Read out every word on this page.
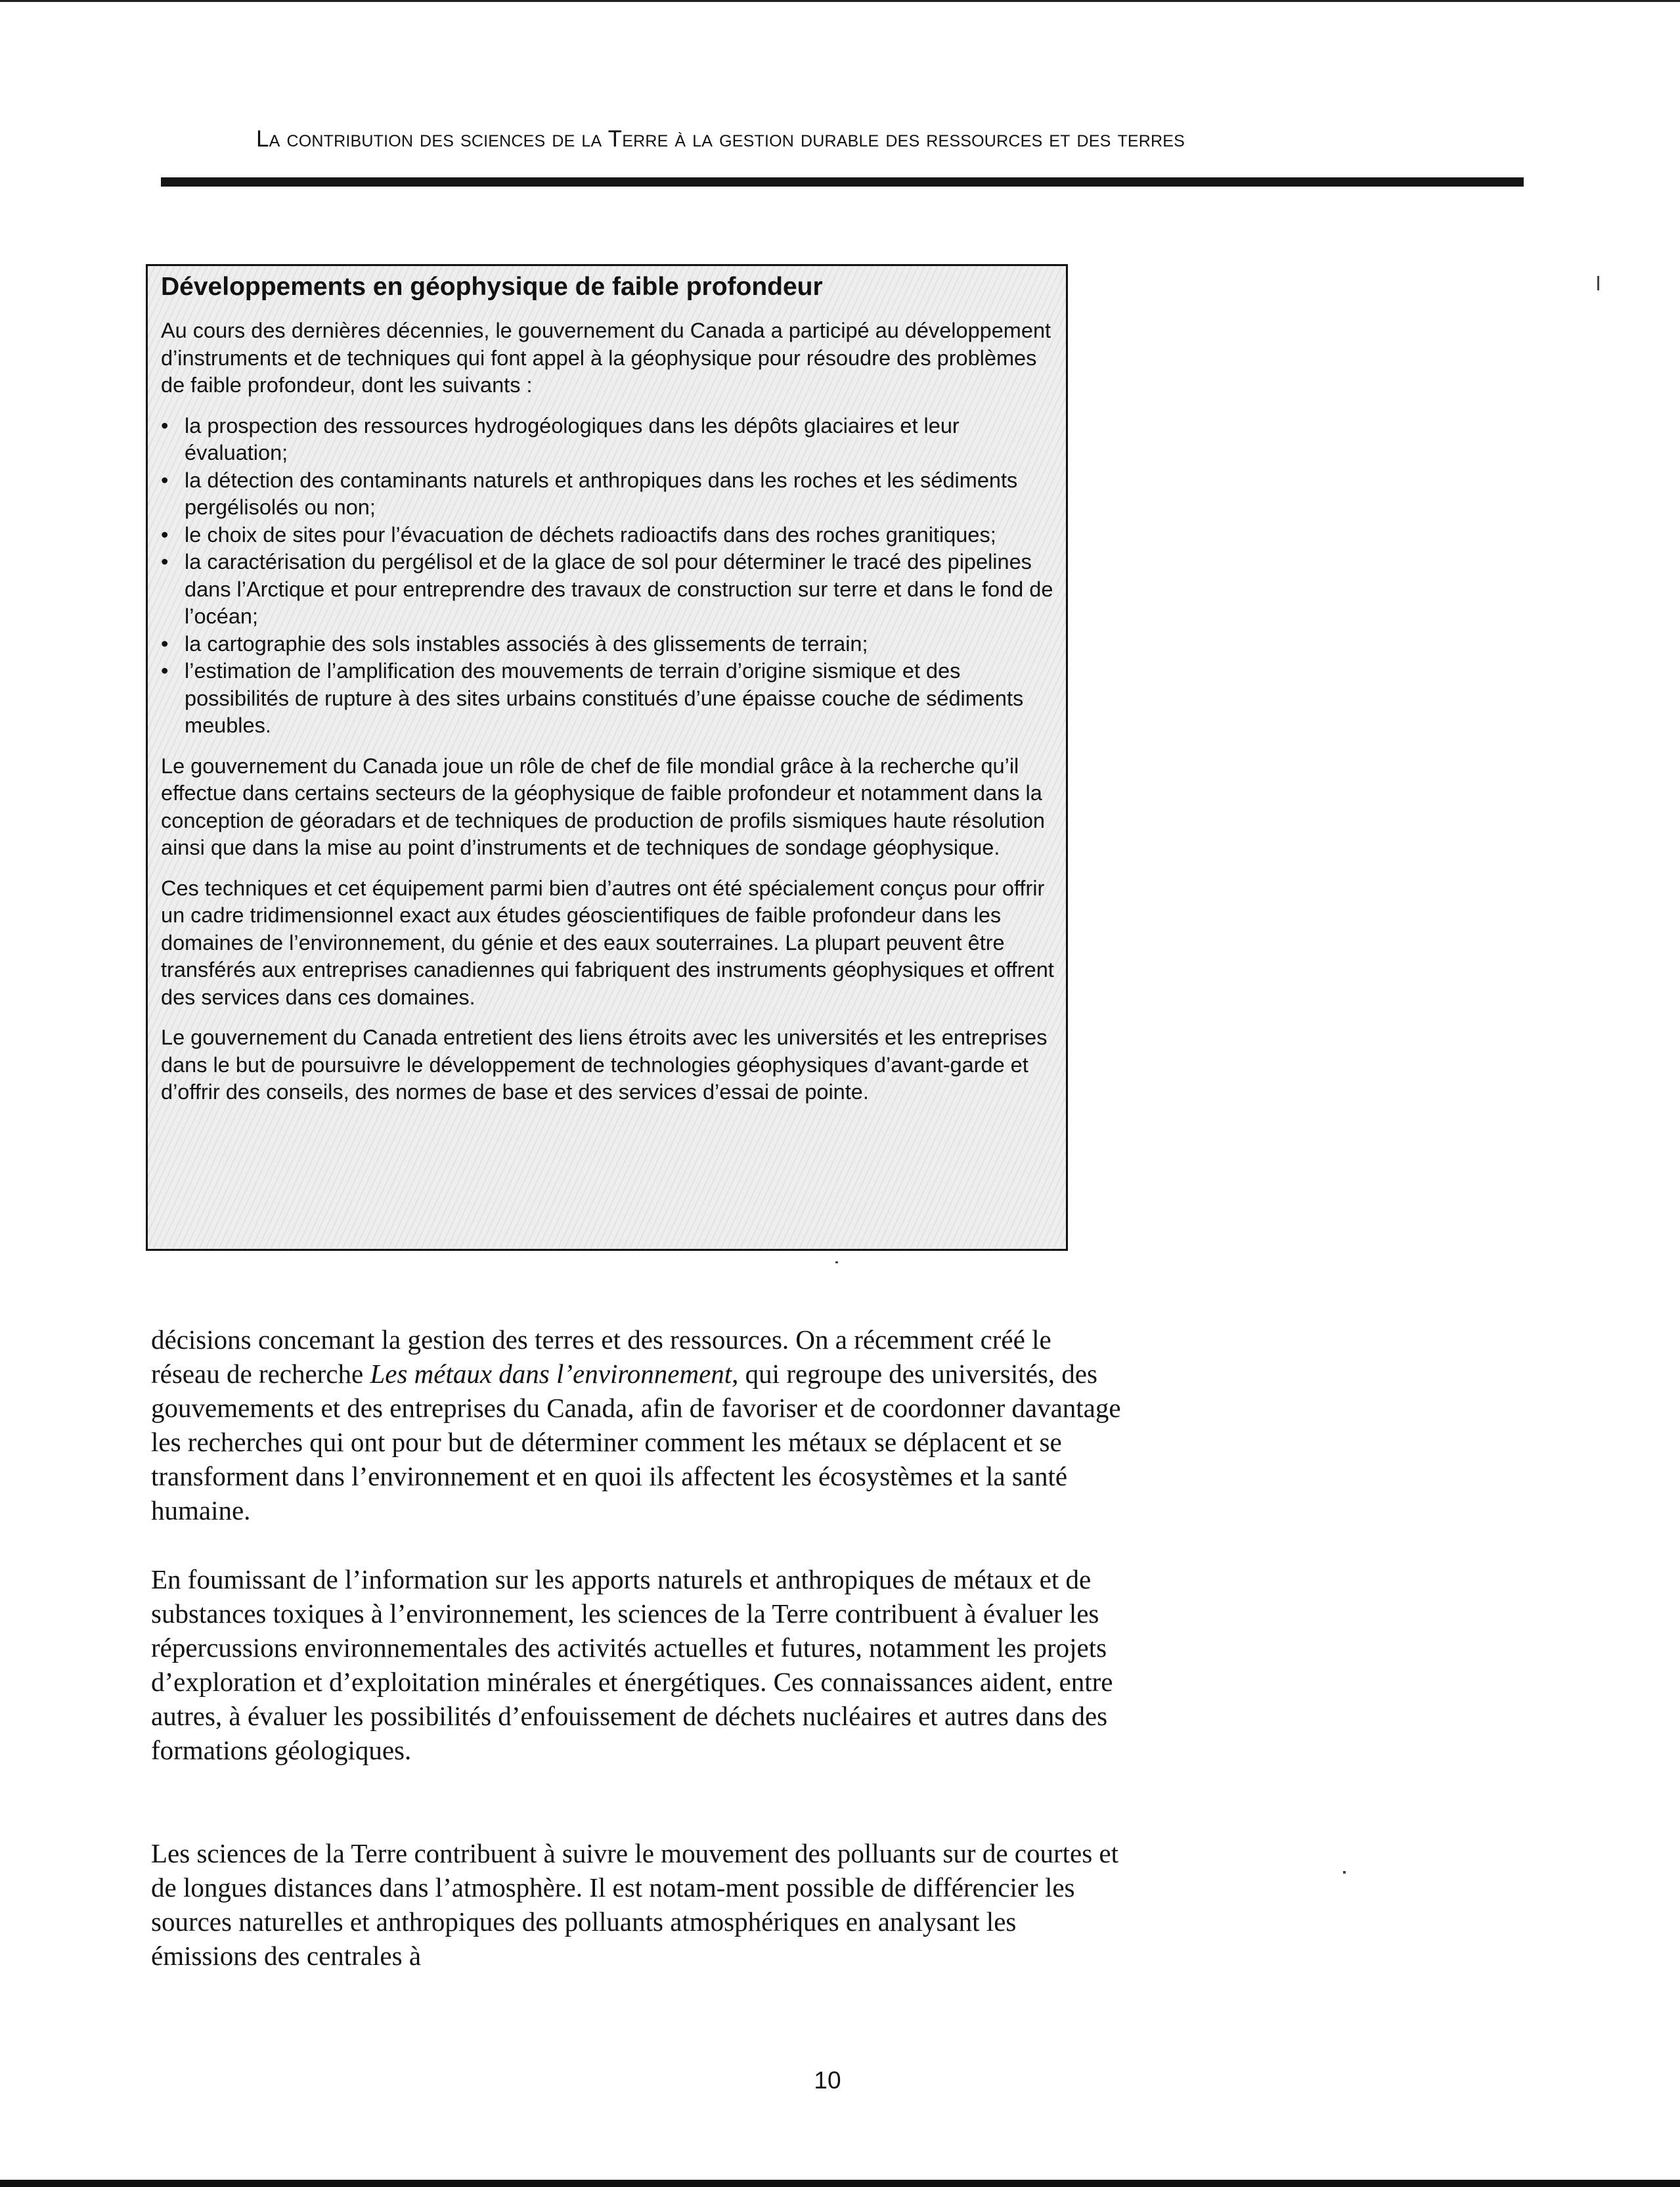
La contribution des sciences de la Terre à la gestion durable des ressources et des terres
Développements en géophysique de faible profondeur

Au cours des dernières décennies, le gouvernement du Canada a participé au développement d’instruments et de techniques qui font appel à la géophysique pour résoudre des problèmes de faible profondeur, dont les suivants :

• la prospection des ressources hydrogéologiques dans les dépôts glaciaires et leur évaluation;
• la détection des contaminants naturels et anthropiques dans les roches et les sédiments pergélisolés ou non;
• le choix de sites pour l’évacuation de déchets radioactifs dans des roches granitiques;
• la caractérisation du pergélisol et de la glace de sol pour déterminer le tracé des pipelines dans l’Arctique et pour entreprendre des travaux de construction sur terre et dans le fond de l’océan;
• la cartographie des sols instables associés à des glissements de terrain;
• l’estimation de l’amplification des mouvements de terrain d’origine sismique et des possibilités de rupture à des sites urbains constitués d’une épaisse couche de sédiments meubles.

Le gouvernement du Canada joue un rôle de chef de file mondial grâce à la recherche qu’il effectue dans certains secteurs de la géophysique de faible profondeur et notamment dans la conception de géoradars et de techniques de production de profils sismiques haute résolution ainsi que dans la mise au point d’instruments et de techniques de sondage géophysique.

Ces techniques et cet équipement parmi bien d’autres ont été spécialement conçus pour offrir un cadre tridimensionnel exact aux études géoscientifiques de faible profondeur dans les domaines de l’environnement, du génie et des eaux souterraines. La plupart peuvent être transférés aux entreprises canadiennes qui fabriquent des instruments géophysiques et offrent des services dans ces domaines.

Le gouvernement du Canada entretient des liens étroits avec les universités et les entreprises dans le but de poursuivre le développement de technologies géophysiques d’avant-garde et d’offrir des conseils, des normes de base et des services d’essai de pointe.

décisions concemant la gestion des terres et des ressources. On a récemment créé le réseau de recherche Les métaux dans l’environnement, qui regroupe des universités, des gouvemements et des entreprises du Canada, afin de favoriser et de coordonner davantage les recherches qui ont pour but de déterminer comment les métaux se déplacent et se transforment dans l’environnement et en quoi ils affectent les écosystèmes et la santé humaine.

En foumissant de l’information sur les apports naturels et anthropiques de métaux et de substances toxiques à l’environnement, les sciences de la Terre contribuent à évaluer les répercussions environnementales des activités actuelles et futures, notamment les projets d’exploration et d’exploitation minérales et énergétiques. Ces connaissances aident, entre autres, à évaluer les possibilités d’enfouissement de déchets nucléaires et autres dans des formations géologiques.

Les sciences de la Terre contribuent à suivre le mouvement des polluants sur de courtes et de longues distances dans l’atmosphère. Il est notam-ment possible de différencier les sources naturelles et anthropiques des polluants atmosphériques en analysant les émissions des centrales à

10
